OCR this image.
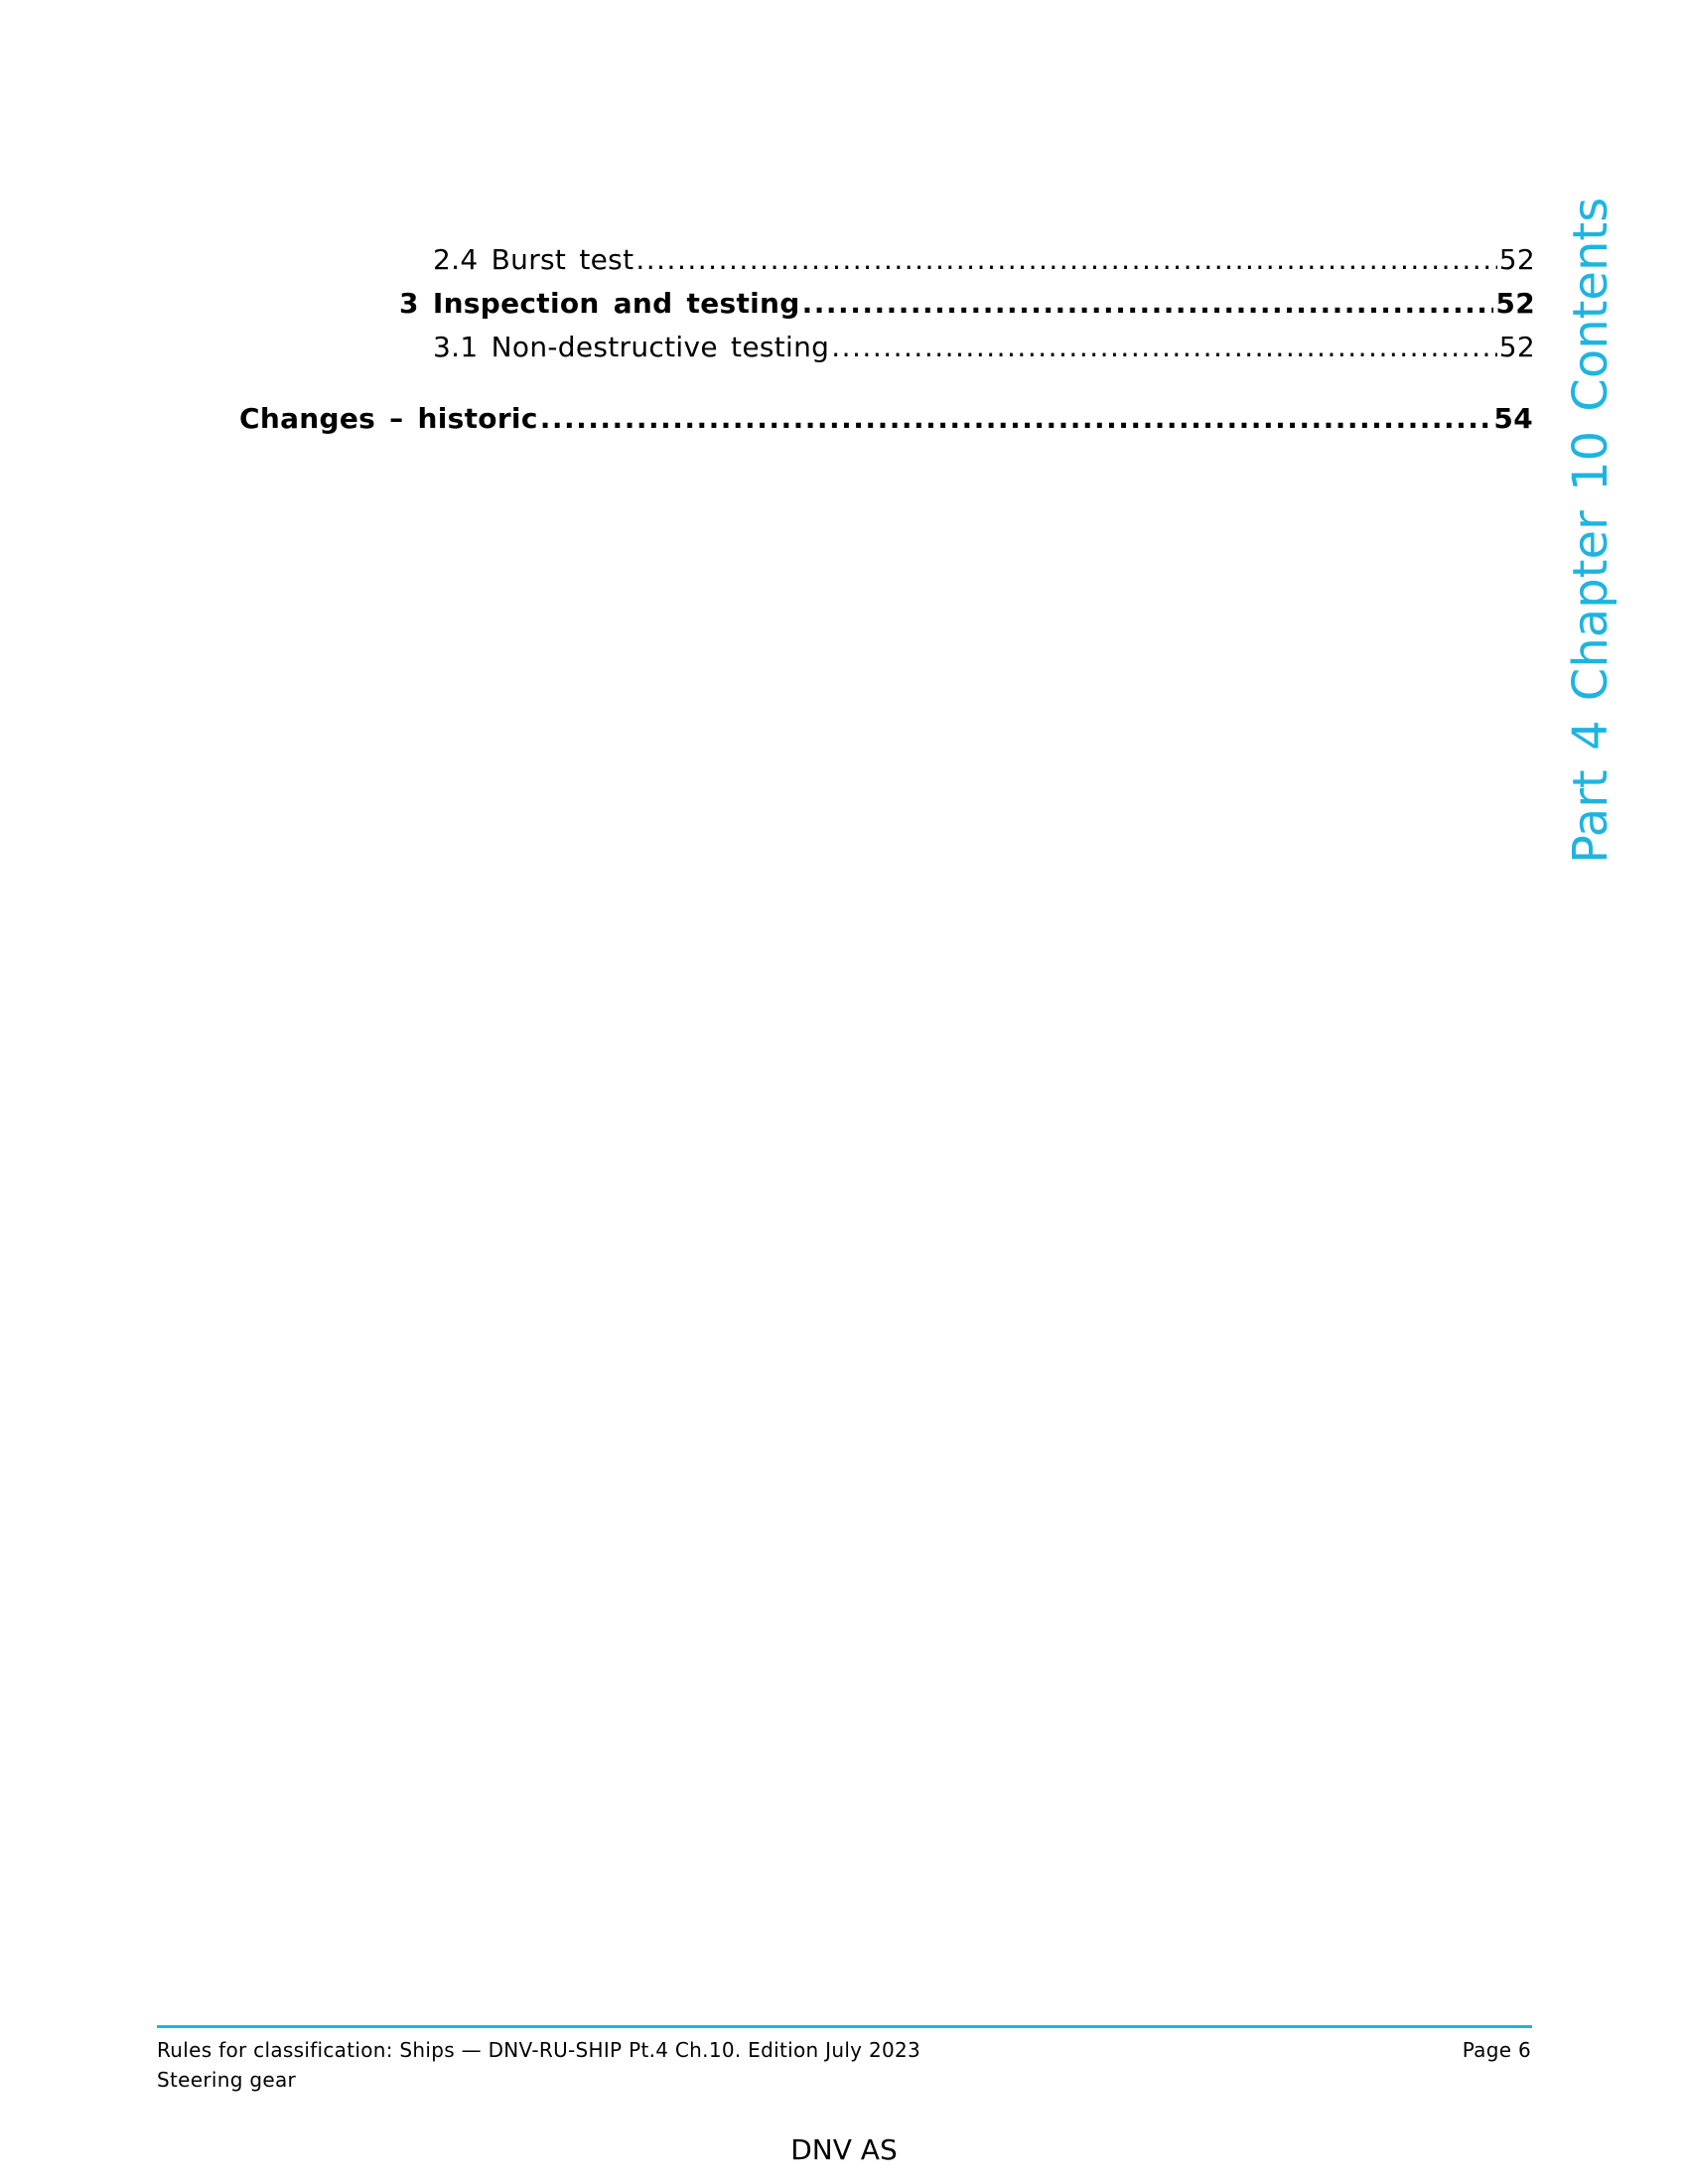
2.4 Burst test .....	52
3 Inspection and testing .....	52
3.1 Non-destructive testing .....	52
Changes – historic .....	54 Part 4 Chapter 10 Contents
Rules for classification: Ships — DNV-RU-SHIP Pt.4 Ch.10. Edition July 2023	Page 6
Steering gear
DNV AS
